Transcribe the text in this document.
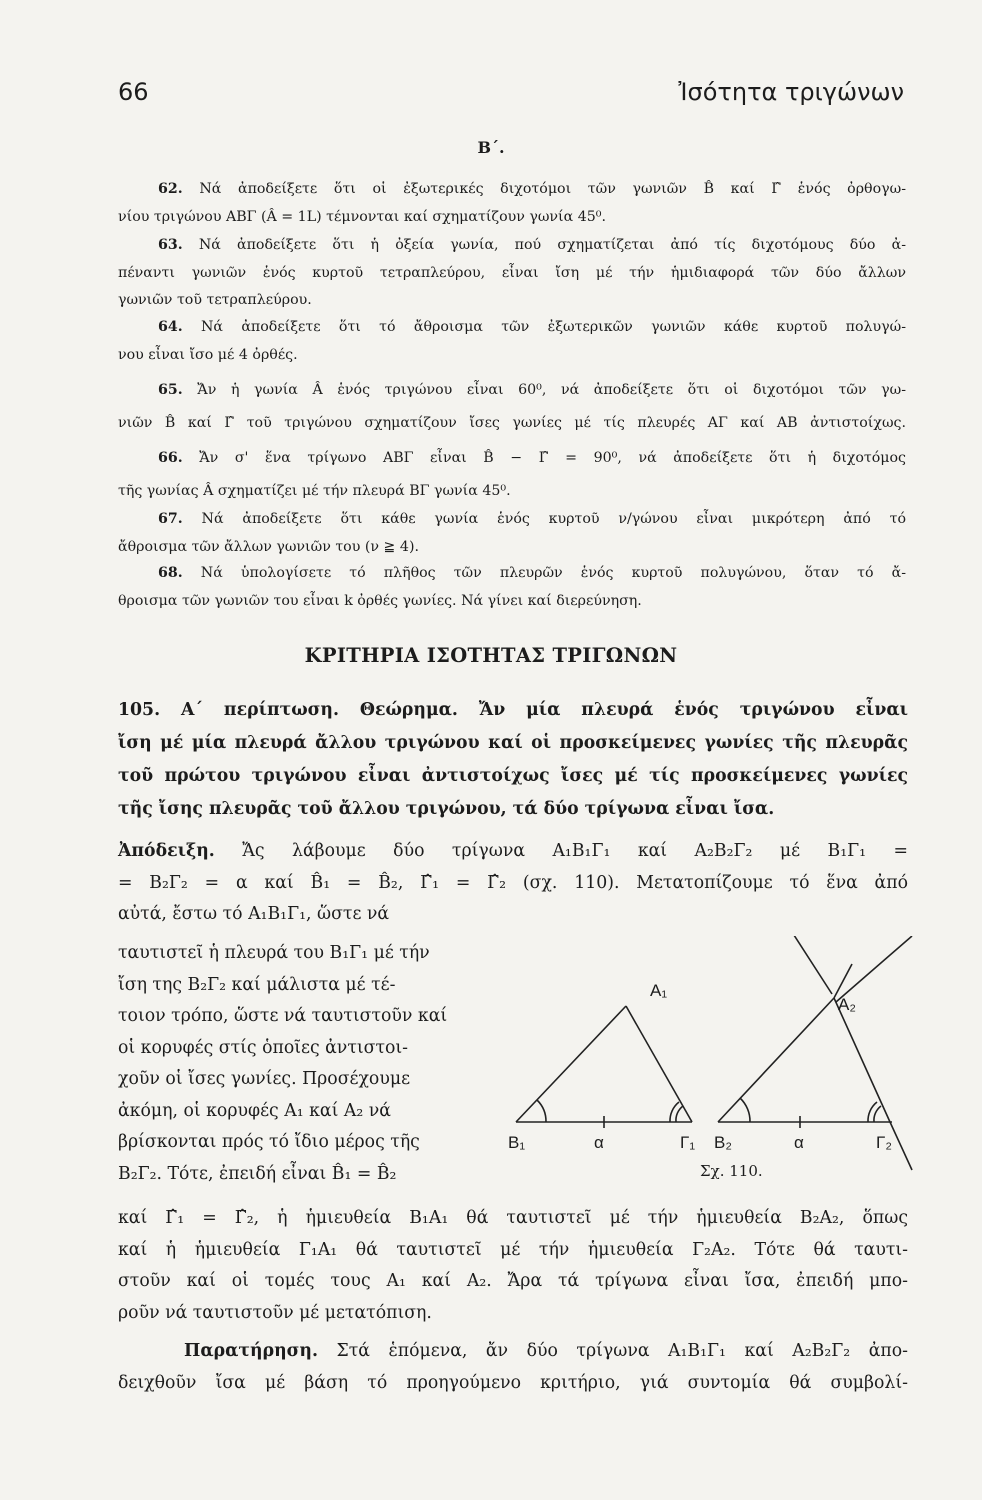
66	Ἰσότητα τριγώνων
Β΄.
62. Νά ἀποδείξετε ὅτι οἱ ἐξωτερικές διχοτόμοι τῶν γωνιῶν B̂ καί Γ̂ ἑνός ὀρθογω-
νίου τριγώνου ΑΒΓ (Â = 1L) τέμνονται καί σχηματίζουν γωνία 45⁰.
63. Νά ἀποδείξετε ὅτι ἡ ὀξεία γωνία, πού σχηματίζεται ἀπό τίς διχοτόμους δύο ἀ-
πέναντι γωνιῶν ἑνός κυρτοῦ τετραπλεύρου, εἶναι ἴση μέ τήν ἡμιδιαφορά τῶν δύο ἄλλων
γωνιῶν τοῦ τετραπλεύρου.
64. Νά ἀποδείξετε ὅτι τό ἄθροισμα τῶν ἐξωτερικῶν γωνιῶν κάθε κυρτοῦ πολυγώ-
νου εἶναι ἴσο μέ 4 ὀρθές.
65. Ἄν ἡ γωνία Â ἑνός τριγώνου εἶναι 60⁰, νά ἀποδείξετε ὅτι οἱ διχοτόμοι τῶν γω-
νιῶν B̂ καί Γ̂ τοῦ τριγώνου σχηματίζουν ἴσες γωνίες μέ τίς πλευρές ΑΓ καί ΑΒ ἀντιστοίχως.
66. Ἄν σ' ἕνα τρίγωνο ΑΒΓ εἶναι B̂ − Γ̂ = 90⁰, νά ἀποδείξετε ὅτι ἡ διχοτόμος
τῆς γωνίας Â σχηματίζει μέ τήν πλευρά ΒΓ γωνία 45⁰.
67. Νά ἀποδείξετε ὅτι κάθε γωνία ἑνός κυρτοῦ ν/γώνου εἶναι μικρότερη ἀπό τό
ἄθροισμα τῶν ἄλλων γωνιῶν του (ν ≧ 4).
68. Νά ὑπολογίσετε τό πλῆθος τῶν πλευρῶν ἑνός κυρτοῦ πολυγώνου, ὅταν τό ἄ-
θροισμα τῶν γωνιῶν του εἶναι k ὀρθές γωνίες. Νά γίνει καί διερεύνηση.
ΚΡΙΤΗΡΙΑ ΙΣΟΤΗΤΑΣ ΤΡΙΓΩΝΩΝ
105. Α΄ περίπτωση. Θεώρημα. Ἄν μία πλευρά ἑνός τριγώνου εἶναι
ἴση μέ μία πλευρά ἄλλου τριγώνου καί οἱ προσκείμενες γωνίες τῆς πλευρᾶς
τοῦ πρώτου τριγώνου εἶναι ἀντιστοίχως ἴσες μέ τίς προσκείμενες γωνίες
τῆς ἴσης πλευρᾶς τοῦ ἄλλου τριγώνου, τά δύο τρίγωνα εἶναι ἴσα.
Ἀπόδειξη. Ἄς λάβουμε δύο τρίγωνα Α₁Β₁Γ₁ καί Α₂Β₂Γ₂ μέ Β₁Γ₁ =
= Β₂Γ₂ = α καί B̂₁ = B̂₂, Γ̂₁ = Γ̂₂ (σχ. 110). Μετατοπίζουμε τό ἕνα ἀπό
αὐτά, ἔστω τό Α₁Β₁Γ₁, ὥστε νά
ταυτιστεῖ ἡ πλευρά του Β₁Γ₁ μέ τήν
ἴση της Β₂Γ₂ καί μάλιστα μέ τέ-
τοιον τρόπο, ὥστε νά ταυτιστοῦν καί
οἱ κορυφές στίς ὁποῖες ἀντιστοι-
χοῦν οἱ ἴσες γωνίες. Προσέχουμε
ἀκόμη, οἱ κορυφές Α₁ καί Α₂ νά
βρίσκονται πρός τό ἴδιο μέρος τῆς
Β₂Γ₂. Τότε, ἐπειδή εἶναι B̂₁ = B̂₂
A₁
A₂
B₁	α	Γ₁ B₂	α	Γ₂
Σχ. 110.
καί Γ̂₁ = Γ̂₂, ἡ ἡμιευθεία Β₁Α₁ θά ταυτιστεῖ μέ τήν ἡμιευθεία Β₂Α₂, ὅπως
καί ἡ ἡμιευθεία Γ₁Α₁ θά ταυτιστεῖ μέ τήν ἡμιευθεία Γ₂Α₂. Τότε θά ταυτι-
στοῦν καί οἱ τομές τους Α₁ καί Α₂. Ἄρα τά τρίγωνα εἶναι ἴσα, ἐπειδή μπο-
ροῦν νά ταυτιστοῦν μέ μετατόπιση.
Παρατήρηση. Στά ἑπόμενα, ἄν δύο τρίγωνα Α₁Β₁Γ₁ καί Α₂Β₂Γ₂ ἀπο-
δειχθοῦν ἴσα μέ βάση τό προηγούμενο κριτήριο, γιά συντομία θά συμβολί-
